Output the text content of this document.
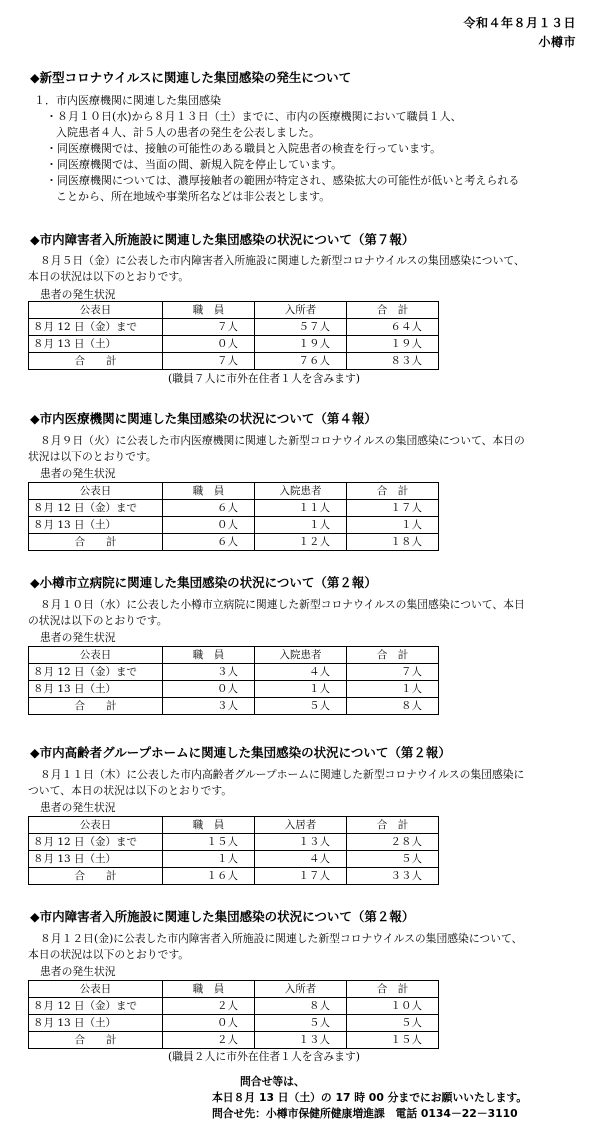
令和４年８月１３日
小樽市
◆新型コロナウイルスに関連した集団感染の発生について
１．市内医療機関に関連した集団感染
・８月１０日(水)から８月１３日（土）までに、市内の医療機関において職員１人、
入院患者４人、計５人の患者の発生を公表しました。
・同医療機関では、接触の可能性のある職員と入院患者の検査を行っています。
・同医療機関では、当面の間、新規入院を停止しています。
・同医療機関については、濃厚接触者の範囲が特定され、感染拡大の可能性が低いと考えられる
ことから、所在地域や事業所名などは非公表とします。
◆市内障害者入所施設に関連した集団感染の状況について（第７報）
８月５日（金）に公表した市内障害者入所施設に関連した新型コロナウイルスの集団感染について、
本日の状況は以下のとおりです。
患者の発生状況
公表日	職　員	入所者	合　計
８月 12 日（金）まで	７人	５７人	６４人
８月 13 日（土）	０人	１９人	１９人
合　　計	７人	７６人	８３人
(職員７人に市外在住者１人を含みます)
◆市内医療機関に関連した集団感染の状況について（第４報）
８月９日（火）に公表した市内医療機関に関連した新型コロナウイルスの集団感染について、本日の
状況は以下のとおりです。
患者の発生状況
公表日	職　員	入院患者	合　計
８月 12 日（金）まで	６人	１１人	１７人
８月 13 日（土）	０人	１人	１人
合　　計	６人	１２人	１８人
◆小樽市立病院に関連した集団感染の状況について（第２報）
８月１０日（水）に公表した小樽市立病院に関連した新型コロナウイルスの集団感染について、本日
の状況は以下のとおりです。
患者の発生状況
公表日	職　員	入院患者	合　計
８月 12 日（金）まで	３人	４人	７人
８月 13 日（土）	０人	１人	１人
合　　計	３人	５人	８人
◆市内高齢者グループホームに関連した集団感染の状況について（第２報）
８月１１日（木）に公表した市内高齢者グループホームに関連した新型コロナウイルスの集団感染に
ついて、本日の状況は以下のとおりです。
患者の発生状況
公表日	職　員	入居者	合　計
８月 12 日（金）まで	１５人	１３人	２８人
８月 13 日（土）	１人	４人	５人
合　　計	１６人	１７人	３３人
◆市内障害者入所施設に関連した集団感染の状況について（第２報）
８月１２日(金)に公表した市内障害者入所施設に関連した新型コロナウイルスの集団感染について、
本日の状況は以下のとおりです。
患者の発生状況
公表日	職　員	入所者	合　計
８月 12 日（金）まで	２人	８人	１０人
８月 13 日（土）	０人	５人	５人
合　　計	２人	１３人	１５人
(職員２人に市外在住者１人を含みます)
問合せ等は、
本日８月 13 日（土）の 17 時 00 分までにお願いいたします。
問合せ先：小樽市保健所健康増進課　電話 0134－22－3110
